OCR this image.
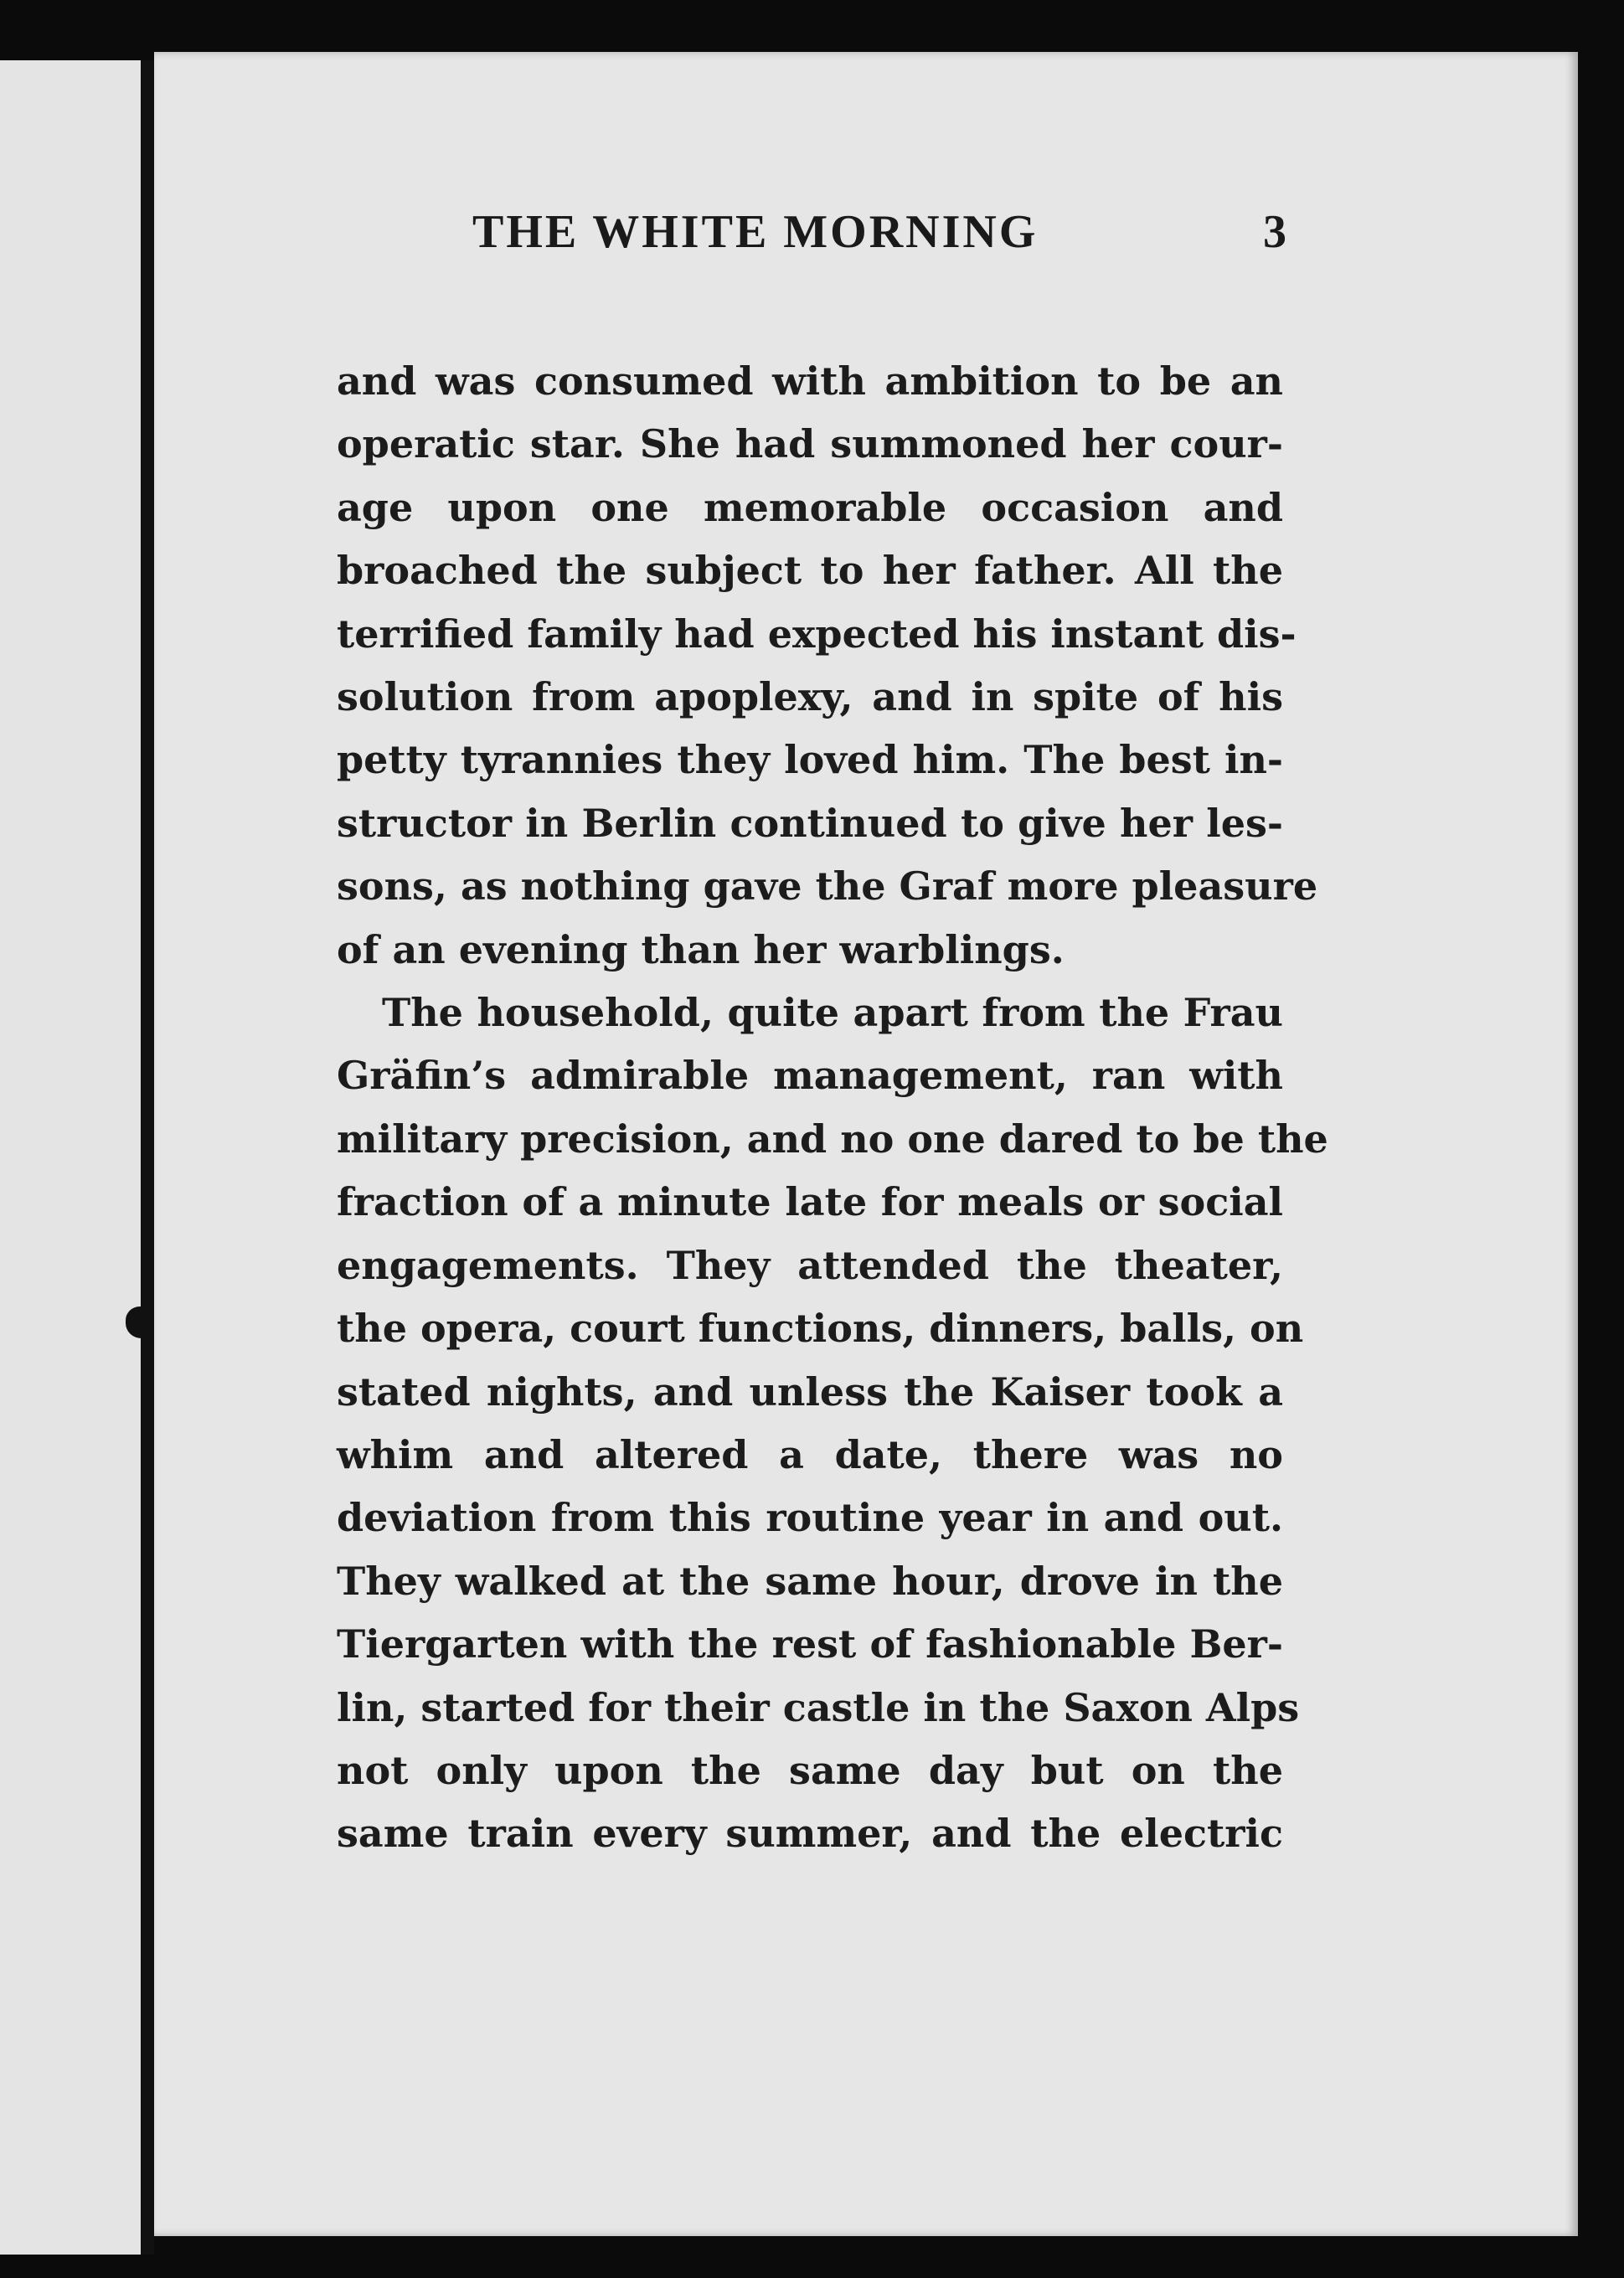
THE WHITE MORNING	3

and was consumed with ambition to be an
operatic star. She had summoned her cour-
age upon one memorable occasion and
broached the subject to her father. All the
terrified family had expected his instant dis-
solution from apoplexy, and in spite of his
petty tyrannies they loved him. The best in-
structor in Berlin continued to give her les-
sons, as nothing gave the Graf more pleasure
of an evening than her warblings.

The household, quite apart from the Frau
Gräfin’s admirable management, ran with
military precision, and no one dared to be the
fraction of a minute late for meals or social
engagements. They attended the theater,
the opera, court functions, dinners, balls, on
stated nights, and unless the Kaiser took a
whim and altered a date, there was no
deviation from this routine year in and out.
They walked at the same hour, drove in the
Tiergarten with the rest of fashionable Ber-
lin, started for their castle in the Saxon Alps
not only upon the same day but on the
same train every summer, and the electric
